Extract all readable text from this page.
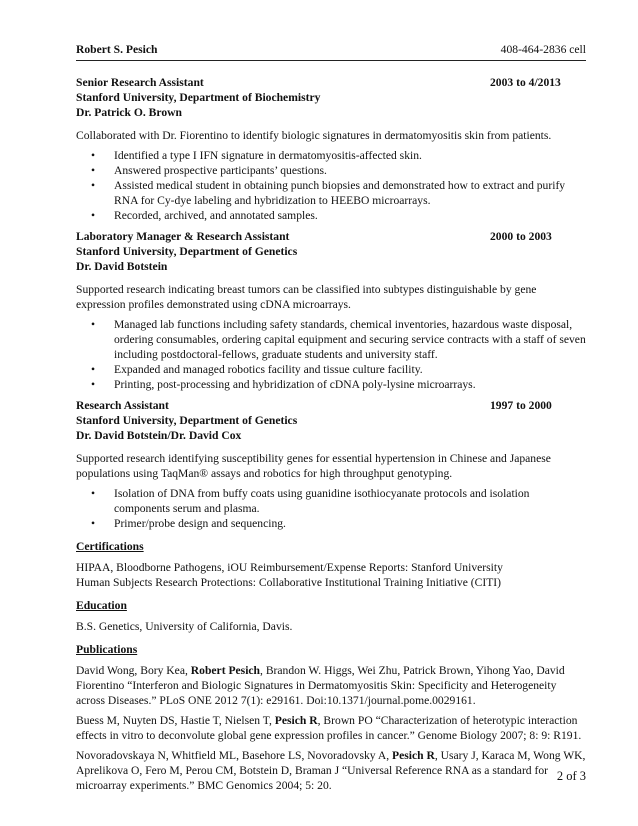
Robert S. Pesich	408-464-2836 cell
Senior Research Assistant	2003 to 4/2013
Stanford University, Department of Biochemistry
Dr. Patrick O. Brown
Collaborated with Dr. Fiorentino to identify biologic signatures in dermatomyositis skin from patients.
• Identified a type I IFN signature in dermatomyositis-affected skin.
• Answered prospective participants’ questions.
• Assisted medical student in obtaining punch biopsies and demonstrated how to extract and purify RNA for Cy-dye labeling and hybridization to HEEBO microarrays.
• Recorded, archived, and annotated samples.
Laboratory Manager & Research Assistant	2000 to 2003
Stanford University, Department of Genetics
Dr. David Botstein
Supported research indicating breast tumors can be classified into subtypes distinguishable by gene expression profiles demonstrated using cDNA microarrays.
• Managed lab functions including safety standards, chemical inventories, hazardous waste disposal, ordering consumables, ordering capital equipment and securing service contracts with a staff of seven including postdoctoral-fellows, graduate students and university staff.
• Expanded and managed robotics facility and tissue culture facility.
• Printing, post-processing and hybridization of cDNA poly-lysine microarrays.
Research Assistant	1997 to 2000
Stanford University, Department of Genetics
Dr. David Botstein/Dr. David Cox
Supported research identifying susceptibility genes for essential hypertension in Chinese and Japanese populations using TaqMan® assays and robotics for high throughput genotyping.
• Isolation of DNA from buffy coats using guanidine isothiocyanate protocols and isolation components serum and plasma.
• Primer/probe design and sequencing.
Certifications
HIPAA, Bloodborne Pathogens, iOU Reimbursement/Expense Reports: Stanford University
Human Subjects Research Protections: Collaborative Institutional Training Initiative (CITI)
Education
B.S. Genetics, University of California, Davis.
Publications
David Wong, Bory Kea, Robert Pesich, Brandon W. Higgs, Wei Zhu, Patrick Brown, Yihong Yao, David Fiorentino “Interferon and Biologic Signatures in Dermatomyositis Skin: Specificity and Heterogeneity across Diseases.” PLoS ONE 2012 7(1): e29161. Doi:10.1371/journal.pome.0029161.
Buess M, Nuyten DS, Hastie T, Nielsen T, Pesich R, Brown PO “Characterization of heterotypic interaction effects in vitro to deconvolute global gene expression profiles in cancer.” Genome Biology 2007; 8: 9: R191.
Novoradovskaya N, Whitfield ML, Basehore LS, Novoradovsky A, Pesich R, Usary J, Karaca M, Wong WK, Aprelikova O, Fero M, Perou CM, Botstein D, Braman J “Universal Reference RNA as a standard for microarray experiments.” BMC Genomics 2004; 5: 20.
2 of 3
